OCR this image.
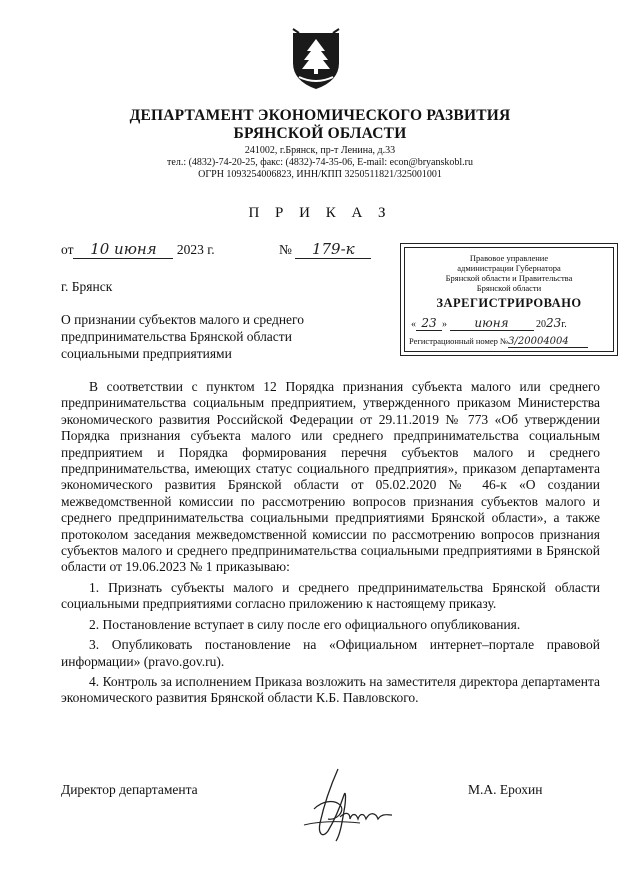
ДЕПАРТАМЕНТ ЭКОНОМИЧЕСКОГО РАЗВИТИЯ
БРЯНСКОЙ ОБЛАСТИ
241002, г.Брянск, пр-т Ленина, д.33
тел.: (4832)-74-20-25, факс: (4832)-74-35-06, E-mail: econ@bryanskobl.ru
ОГРН 1093254006823, ИНН/КПП 3250511821/325001001
П Р И К А З
от 10 июня 2023 г.	№ 179-к
г. Брянск
Правовое управление
администрации Губернатора
Брянской области и Правительства
Брянской области
ЗАРЕГИСТРИРОВАНО
« 23 » июня	2023г.
Регистрационный номер №3/20004004
О признании субъектов малого и среднего
предпринимательства Брянской области
социальными предприятиями

В соответствии с пунктом 12 Порядка признания субъекта малого или среднего предпринимательства социальным предприятием, утвержденного приказом Министерства экономического развития Российской Федерации от 29.11.2019 № 773 «Об утверждении Порядка признания субъекта малого или среднего предпринимательства социальным предприятием и Порядка формирования перечня субъектов малого и среднего предпринимательства, имеющих статус социального предприятия», приказом департамента экономического развития Брянской области от 05.02.2020 № 46-к «О создании межведомственной комиссии по рассмотрению вопросов признания субъектов малого и среднего предпринимательства социальными предприятиями Брянской области», а также протоколом заседания межведомственной комиссии по рассмотрению вопросов признания субъектов малого и среднего предпринимательства социальными предприятиями в Брянской области от 19.06.2023 № 1 приказываю:

1. Признать субъекты малого и среднего предпринимательства Брянской области социальными предприятиями согласно приложению к настоящему приказу.

2. Постановление вступает в силу после его официального опубликования.

3. Опубликовать постановление на «Официальном интернет–портале правовой информации» (pravo.gov.ru).

4. Контроль за исполнением Приказа возложить на заместителя директора департамента экономического развития Брянской области К.Б. Павловского.

Директор департамента	М.А. Ерохин
